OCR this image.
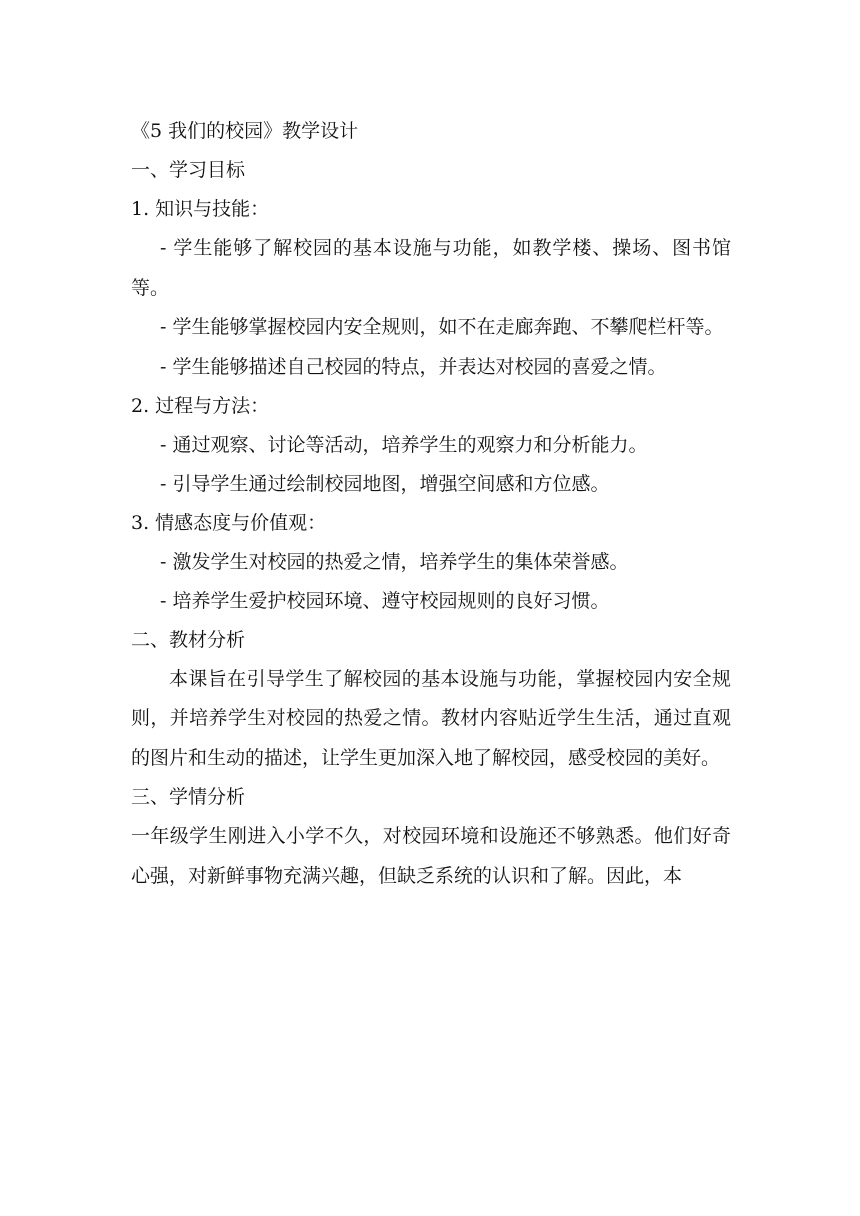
《5 我们的校园》教学设计

一、学习目标

1. 知识与技能：

- 学生能够了解校园的基本设施与功能，如教学楼、操场、图书馆等。

- 学生能够掌握校园内安全规则，如不在走廊奔跑、不攀爬栏杆等。

- 学生能够描述自己校园的特点，并表达对校园的喜爱之情。

2. 过程与方法：

- 通过观察、讨论等活动，培养学生的观察力和分析能力。

- 引导学生通过绘制校园地图，增强空间感和方位感。

3. 情感态度与价值观：

- 激发学生对校园的热爱之情，培养学生的集体荣誉感。

- 培养学生爱护校园环境、遵守校园规则的良好习惯。

二、教材分析

本课旨在引导学生了解校园的基本设施与功能，掌握校园内安全规则，并培养学生对校园的热爱之情。教材内容贴近学生生活，通过直观的图片和生动的描述，让学生更加深入地了解校园，感受校园的美好。

三、学情分析

一年级学生刚进入小学不久，对校园环境和设施还不够熟悉。他们好奇心强，对新鲜事物充满兴趣，但缺乏系统的认识和了解。因此，本
